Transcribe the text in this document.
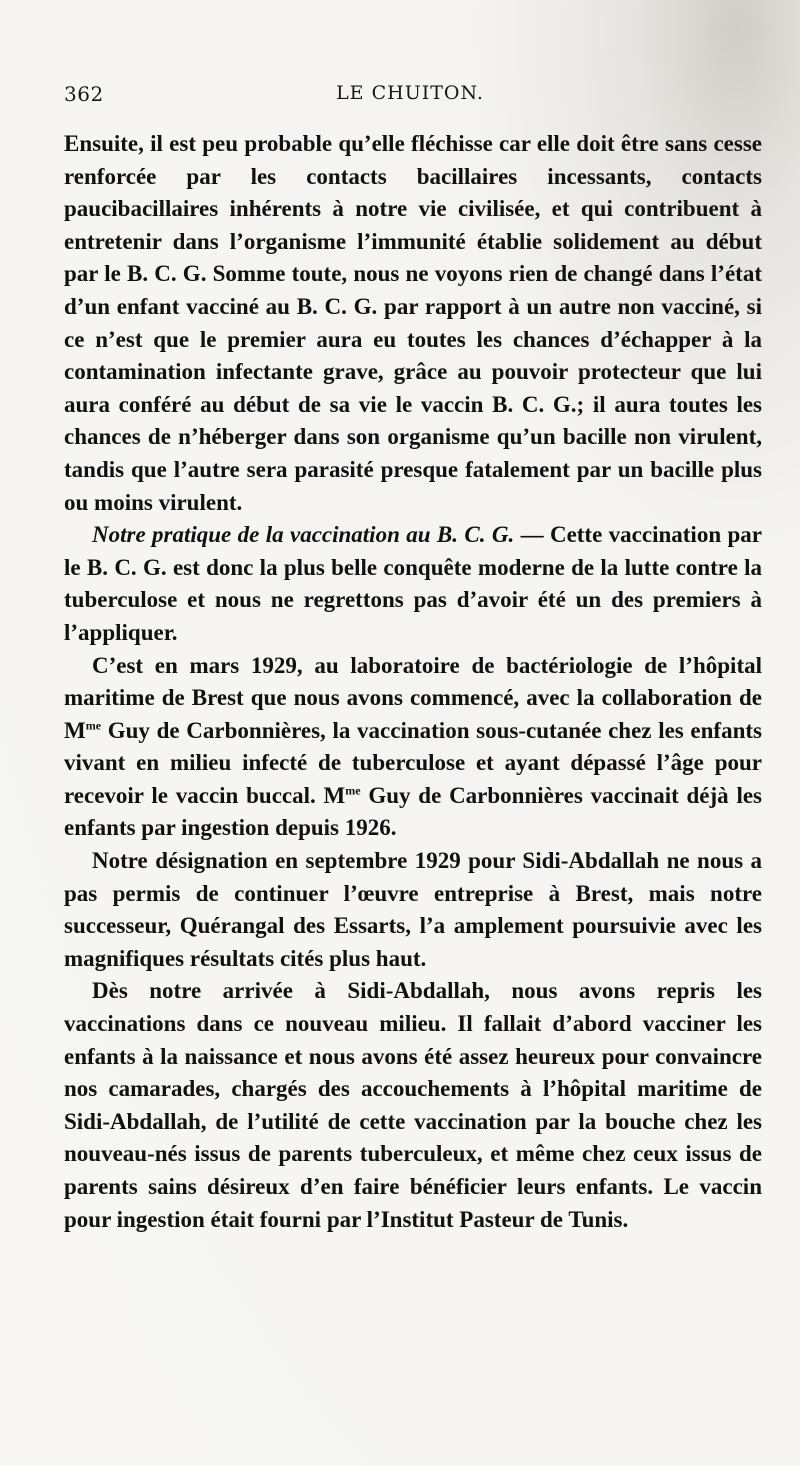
362	LE CHUITON.

Ensuite, il est peu probable qu’elle fléchisse car elle doit être sans cesse renforcée par les contacts bacillaires incessants, contacts paucibacillaires inhérents à notre vie civilisée, et qui contribuent à entretenir dans l’organisme l’immunité établie solidement au début par le B. C. G. Somme toute, nous ne voyons rien de changé dans l’état d’un enfant vacciné au B. C. G. par rapport à un autre non vacciné, si ce n’est que le premier aura eu toutes les chances d’échapper à la contamination infectante grave, grâce au pouvoir protecteur que lui aura conféré au début de sa vie le vaccin B. C. G.; il aura toutes les chances de n’héberger dans son organisme qu’un bacille non virulent, tandis que l’autre sera parasité presque fatalement par un bacille plus ou moins virulent.

Notre pratique de la vaccination au B. C. G. — Cette vaccination par le B. C. G. est donc la plus belle conquête moderne de la lutte contre la tuberculose et nous ne regrettons pas d’avoir été un des premiers à l’appliquer.

C’est en mars 1929, au laboratoire de bactériologie de l’hôpital maritime de Brest que nous avons commencé, avec la collaboration de $M^{me}$ Guy de Carbonnières, la vaccination sous-cutanée chez les enfants vivant en milieu infecté de tuberculose et ayant dépassé l’âge pour recevoir le vaccin buccal. $M^{me}$ Guy de Carbonnières vaccinait déjà les enfants par ingestion depuis 1926.

Notre désignation en septembre 1929 pour Sidi-Abdallah ne nous a pas permis de continuer l’œuvre entreprise à Brest, mais notre successeur, Quérangal des Essarts, l’a amplement poursuivie avec les magnifiques résultats cités plus haut.

Dès notre arrivée à Sidi-Abdallah, nous avons repris les vaccinations dans ce nouveau milieu. Il fallait d’abord vacciner les enfants à la naissance et nous avons été assez heureux pour convaincre nos camarades, chargés des accouchements à l’hôpital maritime de Sidi-Abdallah, de l’utilité de cette vaccination par la bouche chez les nouveau-nés issus de parents tuberculeux, et même chez ceux issus de parents sains désireux d’en faire bénéficier leurs enfants. Le vaccin pour ingestion était fourni par l’Institut Pasteur de Tunis.
